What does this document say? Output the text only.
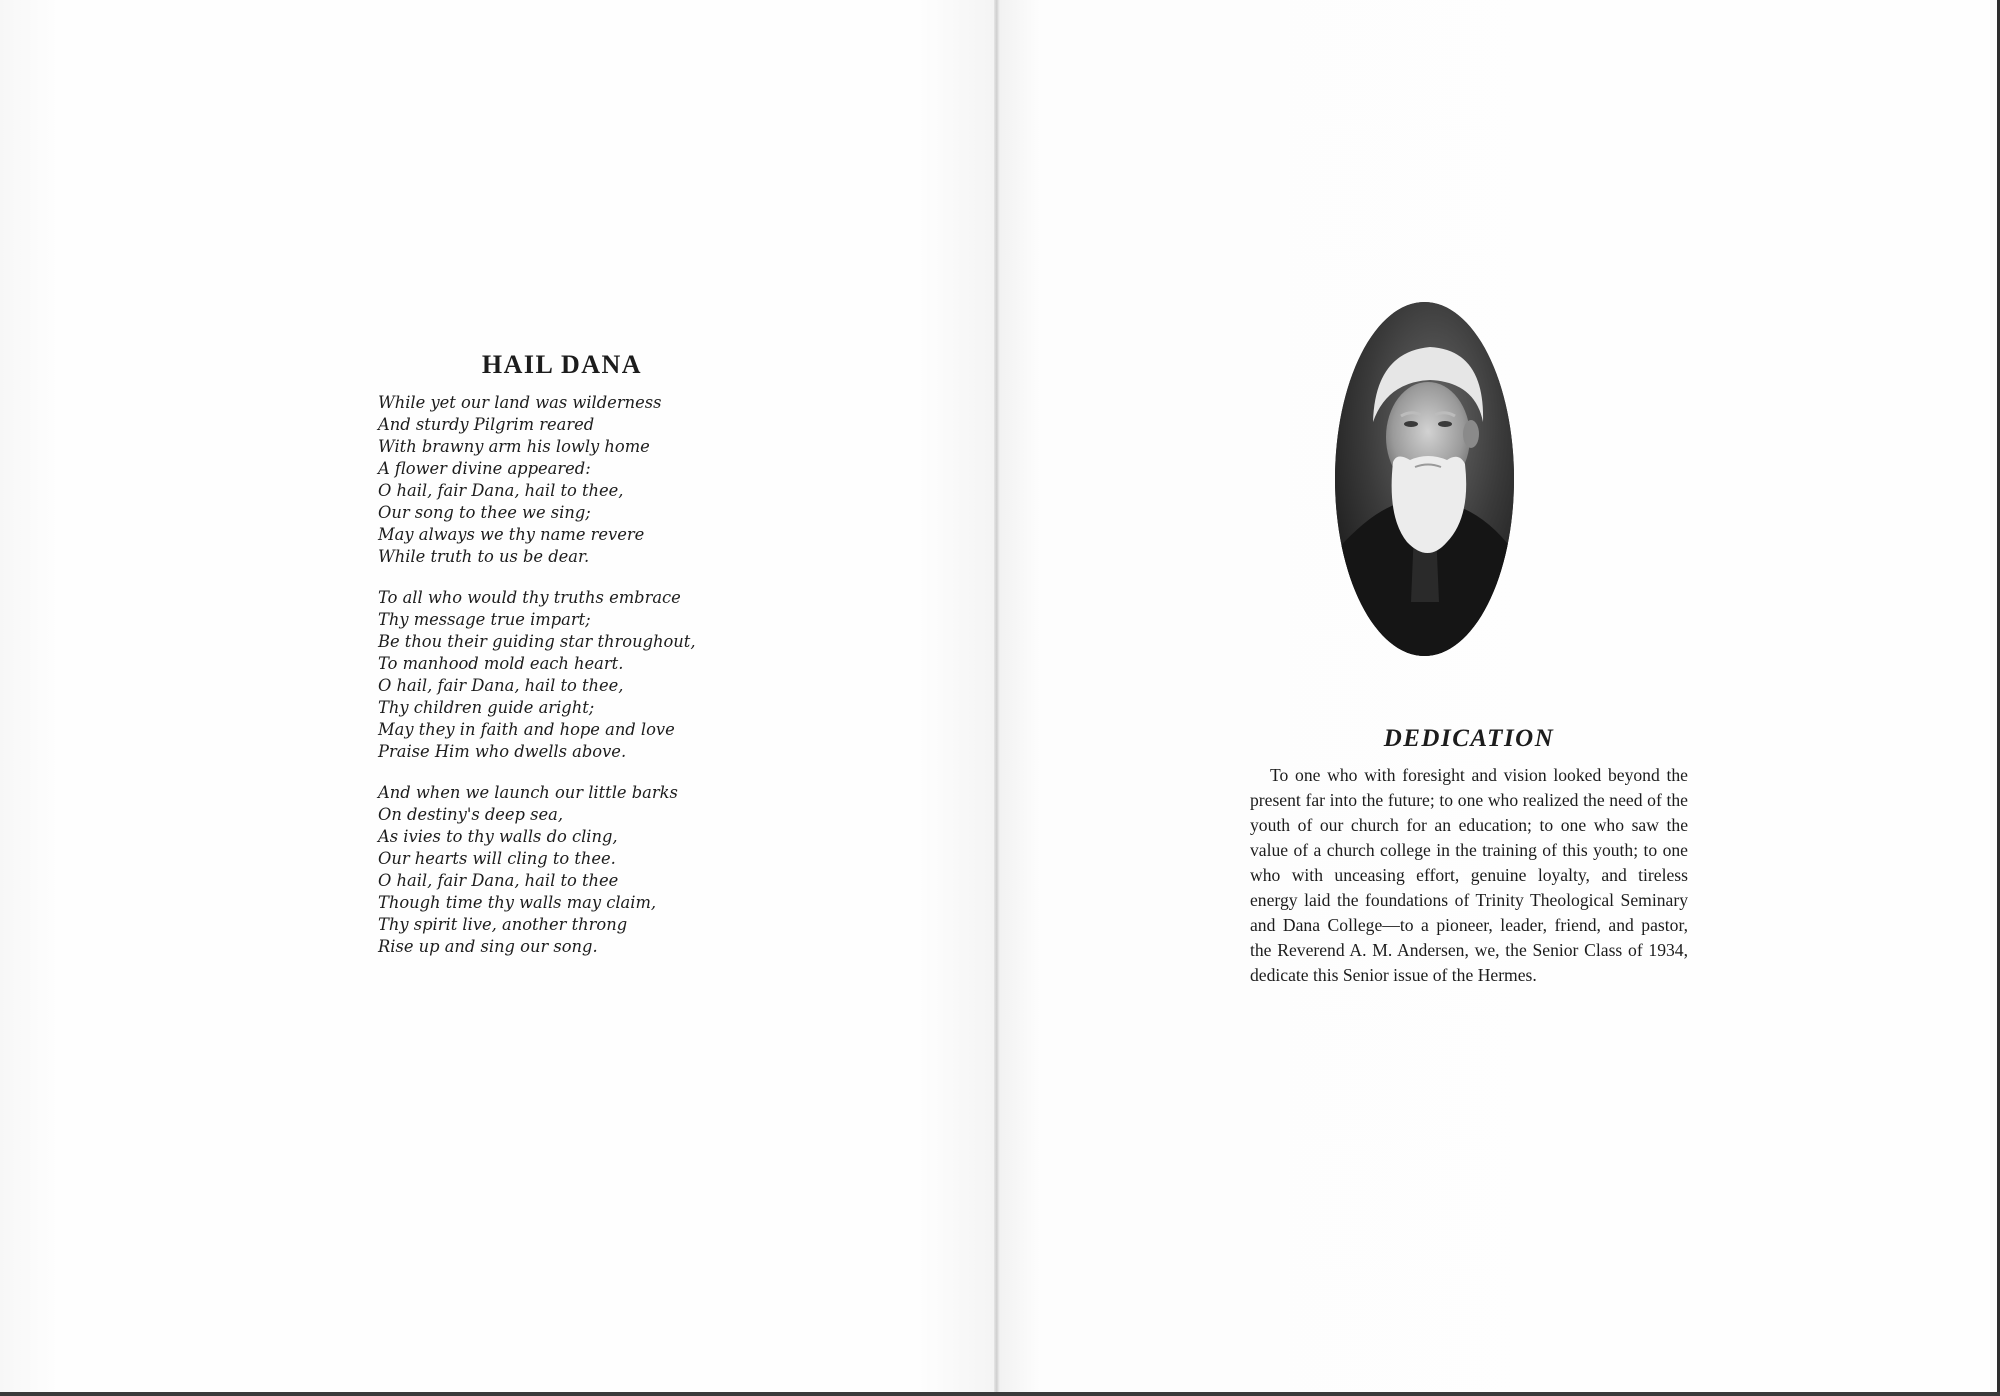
HAIL DANA
While yet our land was wilderness
And sturdy Pilgrim reared
With brawny arm his lowly home
A flower divine appeared:
O hail, fair Dana, hail to thee,
Our song to thee we sing;
May always we thy name revere
While truth to us be dear.
To all who would thy truths embrace
Thy message true impart;
Be thou their guiding star throughout,
To manhood mold each heart.
O hail, fair Dana, hail to thee,
Thy children guide aright;
May they in faith and hope and love
Praise Him who dwells above.
And when we launch our little barks
On destiny's deep sea,
As ivies to thy walls do cling,
Our hearts will cling to thee.
O hail, fair Dana, hail to thee
Though time thy walls may claim,
Thy spirit live, another throng
Rise up and sing our song.
DEDICATION

To one who with foresight and vision looked beyond the present far into the future; to one who realized the need of the youth of our church for an education; to one who saw the value of a church college in the training of this youth; to one who with unceasing effort, genuine loyalty, and tireless energy laid the foundations of Trinity Theological Seminary and Dana College—to a pioneer, leader, friend, and pastor, the Reverend A. M. Andersen, we, the Senior Class of 1934, dedicate this Senior issue of the Hermes.
